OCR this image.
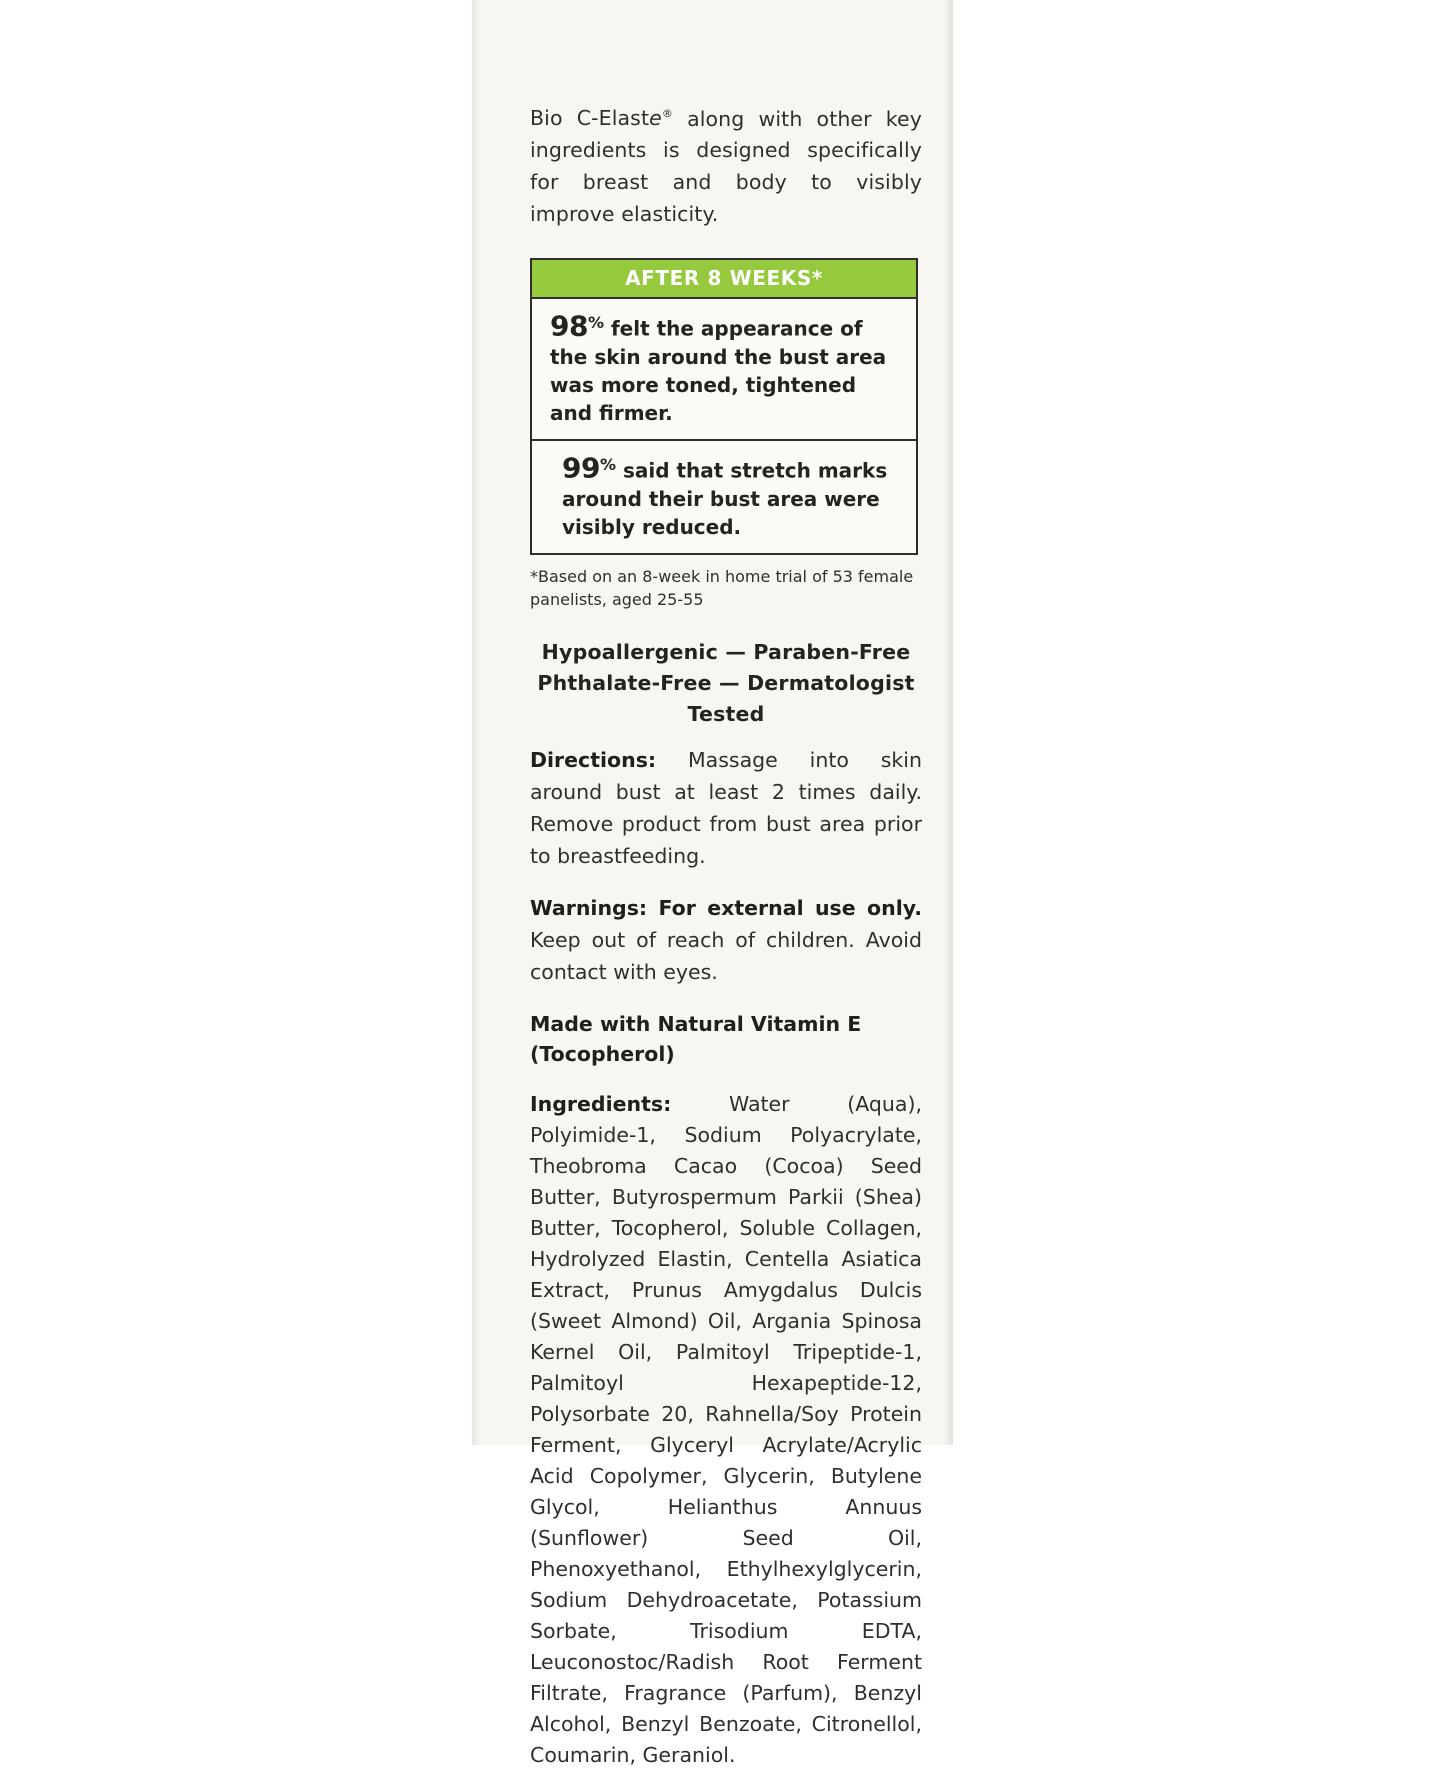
Bio C-Elaste® along with other key ingredients is designed specifically for breast and body to visibly improve elasticity.

AFTER 8 WEEKS*
98% felt the appearance of the skin around the bust area was more toned, tightened and firmer.
99% said that stretch marks around their bust area were visibly reduced.

*Based on an 8-week in home trial of 53 female panelists, aged 25-55

Hypoallergenic — Paraben-Free
Phthalate-Free — Dermatologist Tested

Directions: Massage into skin around bust at least 2 times daily. Remove product from bust area prior to breastfeeding.

Warnings: For external use only. Keep out of reach of children. Avoid contact with eyes.

Made with Natural Vitamin E (Tocopherol)

Ingredients: Water (Aqua), Polyimide-1, Sodium Polyacrylate, Theobroma Cacao (Cocoa) Seed Butter, Butyrospermum Parkii (Shea) Butter, Tocopherol, Soluble Collagen, Hydrolyzed Elastin, Centella Asiatica Extract, Prunus Amygdalus Dulcis (Sweet Almond) Oil, Argania Spinosa Kernel Oil, Palmitoyl Tripeptide-1, Palmitoyl Hexapeptide-12, Polysorbate 20, Rahnella/Soy Protein Ferment, Glyceryl Acrylate/Acrylic Acid Copolymer, Glycerin, Butylene Glycol, Helianthus Annuus (Sunflower) Seed Oil, Phenoxyethanol, Ethylhexylglycerin, Sodium Dehydroacetate, Potassium Sorbate, Trisodium EDTA, Leuconostoc/Radish Root Ferment Filtrate, Fragrance (Parfum), Benzyl Alcohol, Benzyl Benzoate, Citronellol, Coumarin, Geraniol.
